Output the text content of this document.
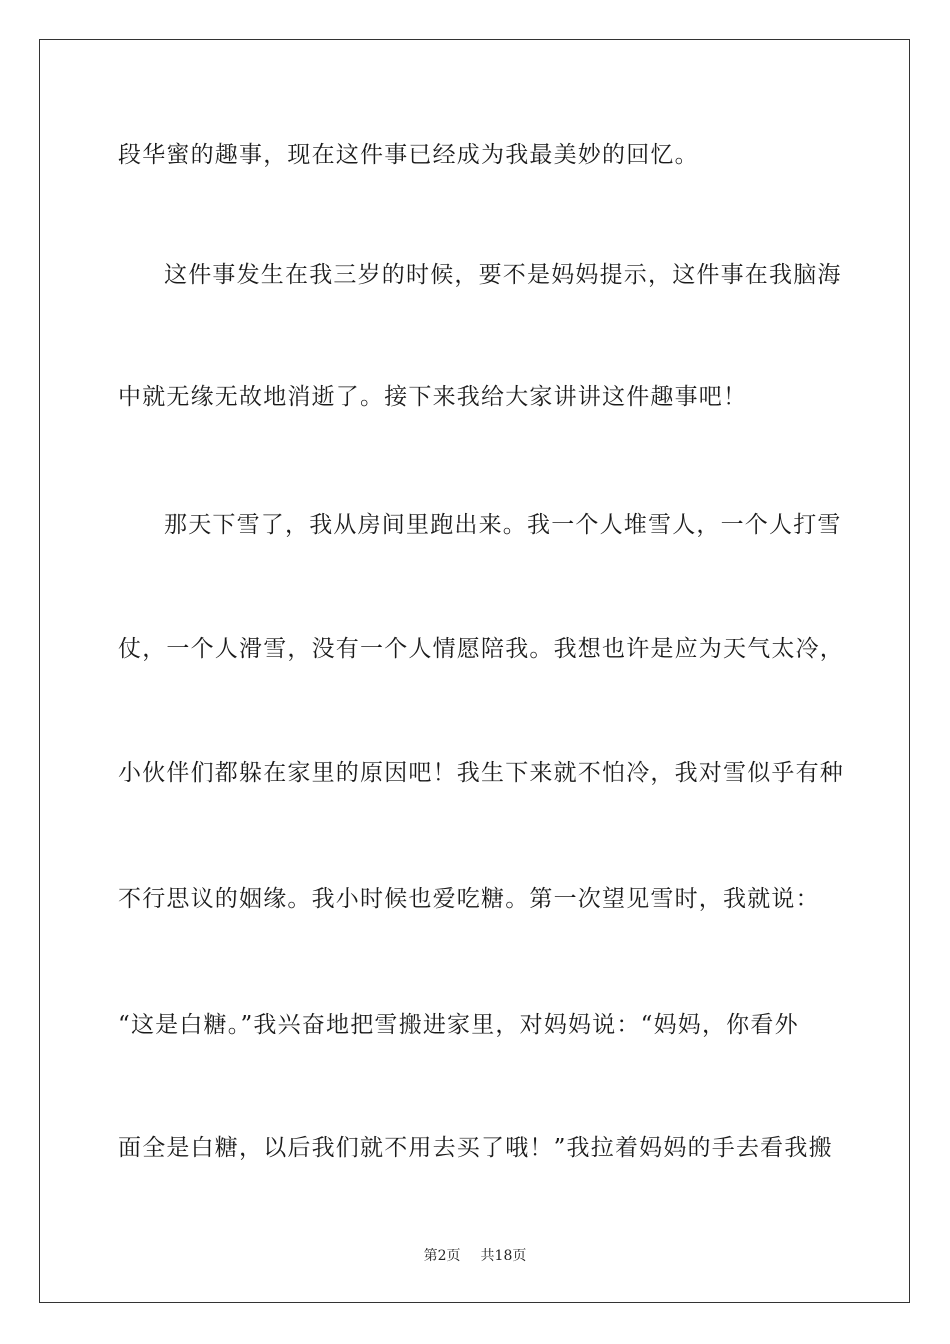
段华蜜的趣事，现在这件事已经成为我最美妙的回忆。
这件事发生在我三岁的时候，要不是妈妈提示，这件事在我脑海
中就无缘无故地消逝了。接下来我给大家讲讲这件趣事吧！
那天下雪了，我从房间里跑出来。我一个人堆雪人，一个人打雪
仗，一个人滑雪，没有一个人情愿陪我。我想也许是应为天气太冷，
小伙伴们都躲在家里的原因吧！我生下来就不怕冷，我对雪似乎有种
不行思议的姻缘。我小时候也爱吃糖。第一次望见雪时，我就说：
“这是白糖。”我兴奋地把雪搬进家里，对妈妈说：“妈妈，你看外
面全是白糖，以后我们就不用去买了哦！”我拉着妈妈的手去看我搬
第2页 共18页
